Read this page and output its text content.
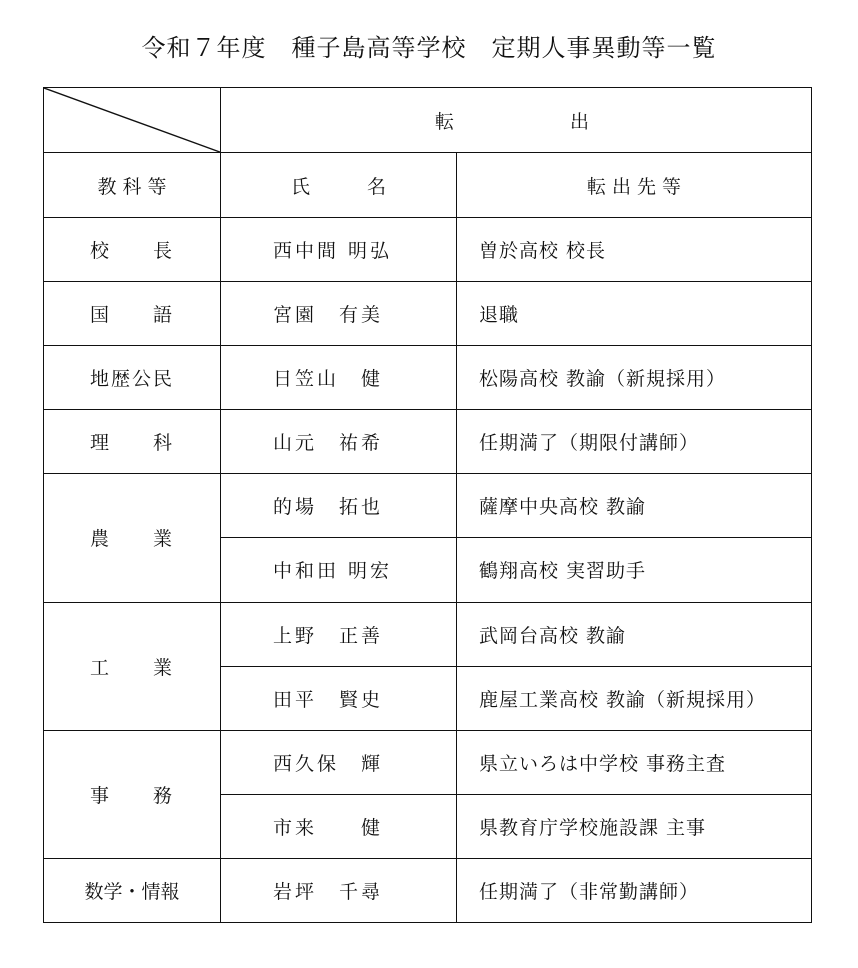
令和７年度　種子島高等学校　定期人事異動等一覧
	転　　　　出	
教 科 等	氏　　　名	転 出 先 等
校　　長	西中間 明弘	曽於高校 校長
国　　語	宮園　有美	退職
地歴公民	日笠山　健	松陽高校 教諭（新規採用）
理　　科	山元　祐希	任期満了（期限付講師）
農　　業	的場　拓也	薩摩中央高校 教諭
	中和田 明宏	鶴翔高校 実習助手
工　　業	上野　正善	武岡台高校 教諭
	田平　賢史	鹿屋工業高校 教諭（新規採用）
事　　務	西久保　輝	県立いろは中学校 事務主査
	市来　　健	県教育庁学校施設課 主事
数学・情報	岩坪　千尋	任期満了（非常勤講師）
